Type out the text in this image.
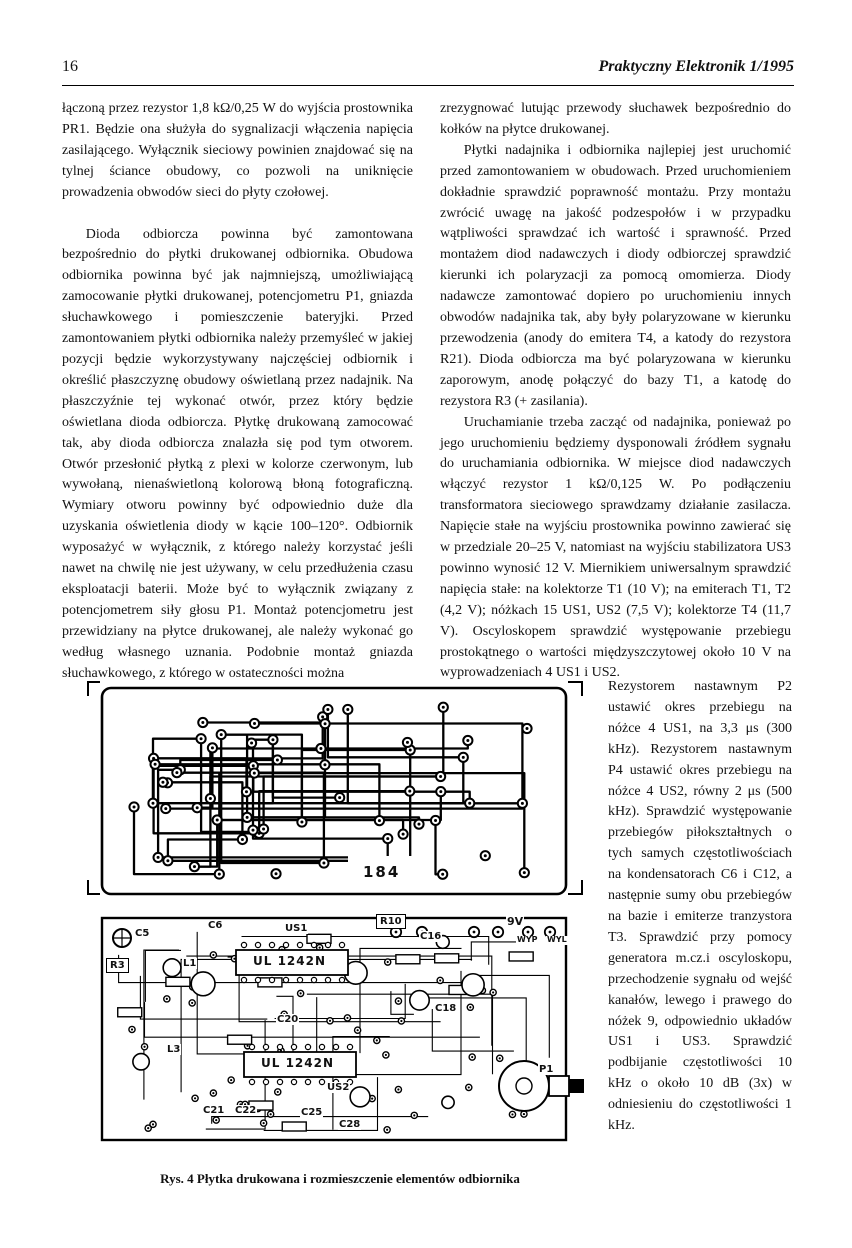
16	Praktyczny Elektronik 1/1995

łączoną przez rezystor 1,8 kΩ/0,25 W do wyjścia prostownika PR1. Będzie ona służyła do sygnalizacji włączenia napięcia zasilającego. Wyłącznik sieciowy powinien znajdować się na tylnej ściance obudowy, co pozwoli na uniknięcie prowadzenia obwodów sieci do płyty czołowej.

Dioda odbiorcza powinna być zamontowana bezpośrednio do płytki drukowanej odbiornika. Obudowa odbiornika powinna być jak najmniejszą, umożliwiającą zamocowanie płytki drukowanej, potencjometru P1, gniazda słuchawkowego i pomieszczenie bateryjki. Przed zamontowaniem płytki odbiornika należy przemyśleć w jakiej pozycji będzie wykorzystywany najczęściej odbiornik i określić płaszczyznę obudowy oświetlaną przez nadajnik. Na płaszczyźnie tej wykonać otwór, przez który będzie oświetlana dioda odbiorcza. Płytkę drukowaną zamocować tak, aby dioda odbiorcza znalazła się pod tym otworem. Otwór przesłonić płytką z plexi w kolorze czerwonym, lub wywołaną, nienaświetloną kolorową błoną fotograficzną. Wymiary otworu powinny być odpowiednio duże dla uzyskania oświetlenia diody w kącie 100–120°. Odbiornik wyposażyć w wyłącznik, z którego należy korzystać jeśli nawet na chwilę nie jest używany, w celu przedłużenia czasu eksploatacji baterii. Może być to wyłącznik związany z potencjometrem siły głosu P1. Montaż potencjometru jest przewidziany na płytce drukowanej, ale należy wykonać go według własnego uznania. Podobnie montaż gniazda słuchawkowego, z którego w ostateczności można

zrezygnować lutując przewody słuchawek bezpośrednio do kołków na płytce drukowanej.

Płytki nadajnika i odbiornika najlepiej jest uruchomić przed zamontowaniem w obudowach. Przed uruchomieniem dokładnie sprawdzić poprawność montażu. Przy montażu zwrócić uwagę na jakość podzespołów i w przypadku wątpliwości sprawdzać ich wartość i sprawność. Przed montażem diod nadawczych i diody odbiorczej sprawdzić kierunki ich polaryzacji za pomocą omomierza. Diody nadawcze zamontować dopiero po uruchomieniu innych obwodów nadajnika tak, aby były polaryzowane w kierunku przewodzenia (anody do emitera T4, a katody do rezystora R21). Dioda odbiorcza ma być polaryzowana w kierunku zaporowym, anodę połączyć do bazy T1, a katodę do rezystora R3 (+ zasilania).

Uruchamianie trzeba zacząć od nadajnika, ponieważ po jego uruchomieniu będziemy dysponowali źródłem sygnału do uruchamiania odbiornika. W miejsce diod nadawczych włączyć rezystor 1 kΩ/0,125 W. Po podłączeniu transformatora sieciowego sprawdzamy działanie zasilacza. Napięcie stałe na wyjściu prostownika powinno zawierać się w przedziale 20–25 V, natomiast na wyjściu stabilizatora US3 powinno wynosić 12 V. Miernikiem uniwersalnym sprawdzić napięcia stałe: na kolektorze T1 (10 V); na emiterach T1, T2 (4,2 V); nóżkach 15 US1, US2 (7,5 V); kolektorze T4 (11,7 V). Oscyloskopem sprawdzić występowanie przebiegu prostokątnego o wartości międzyszczytowej około 10 V na wyprowadzeniach 4 US1 i US2.

184
C5
C6	US1
R10
C16
9V
WYP WYL
UL 1242N
UL 1242N
US2
C20
C21 C22	C25
C28
C18
P1
L1
L3
R3

Rezystorem nastawnym P2 ustawić okres przebiegu na nóżce 4 US1, na 3,3 μs (300 kHz). Rezystorem nastawnym P4 ustawić okres przebiegu na nóżce 4 US2, równy 2 μs (500 kHz). Sprawdzić występowanie przebiegów piłokształtnych o tych samych częstotliwościach na kondensatorach C6 i C12, a następnie sumy obu przebiegów na bazie i emiterze tranzystora T3. Sprawdzić przy pomocy generatora m.cz.i oscyloskopu, przechodzenie sygnału od wejść kanałów, lewego i prawego do nóżek 9, odpowiednio układów US1 i US3. Sprawdzić podbijanie częstotliwości 10 kHz o około 10 dB (3x) w odniesieniu do częstotliwości 1 kHz.

Rys. 4 Płytka drukowana i rozmieszczenie elementów odbiornika
